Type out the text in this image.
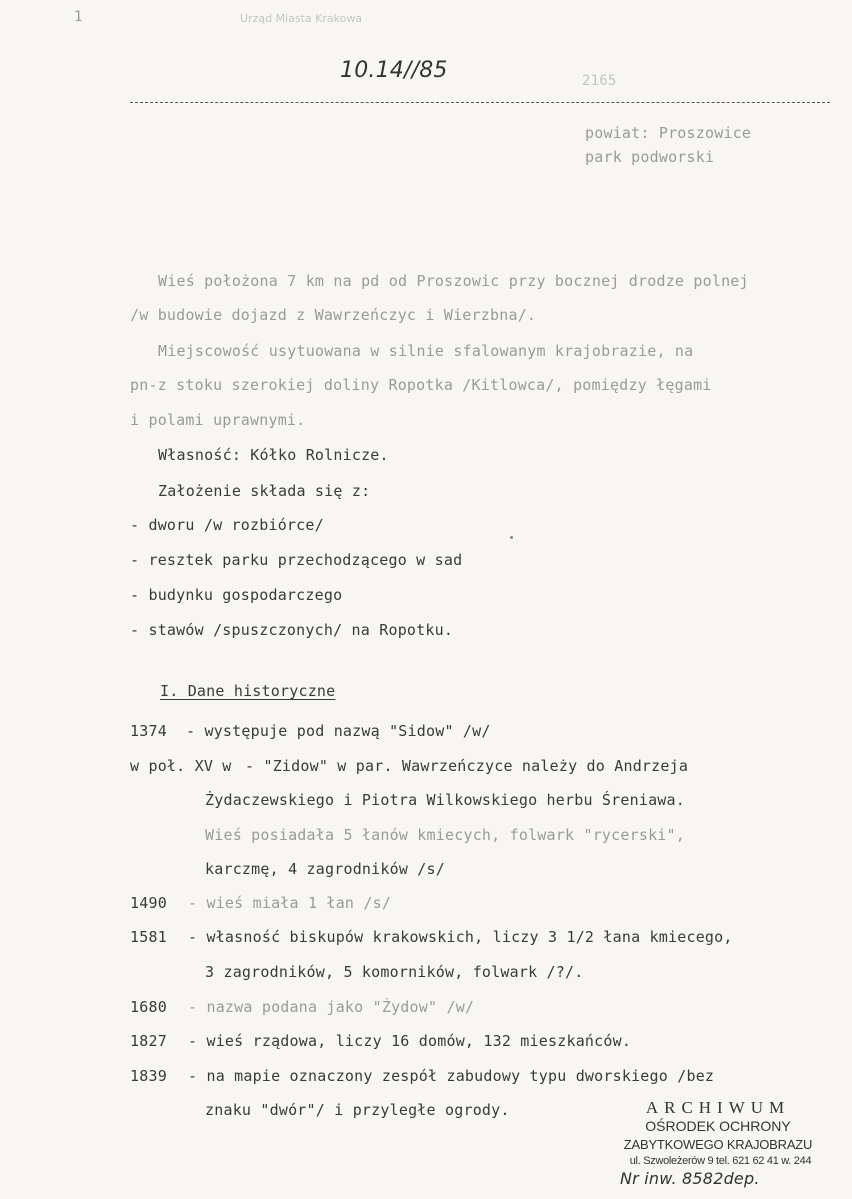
1	Urząd Miasta Krakowa
10.14//85	2165
powiat: Proszowice
park podworski
Wieś położona 7 km na pd od Proszowic przy bocznej drodze polnej
/w budowie dojazd z Wawrzeńczyc i Wierzbna/.
Miejscowość usytuowana w silnie sfalowanym krajobrazie, na
pn-z stoku szerokiej doliny Ropotka /Kitlowca/, pomiędzy łęgami
i polami uprawnymi.
Własność: Kółko Rolnicze.
Założenie składa się z:
- dworu /w rozbiórce/
- resztek parku przechodzącego w sad
- budynku gospodarczego
- stawów /spuszczonych/ na Ropotku.
I. Dane historyczne
1374 - występuje pod nazwą "Sidow" /w/
w poł. XV w - "Zidow" w par. Wawrzeńczyce należy do Andrzeja
Żydaczewskiego i Piotra Wilkowskiego herbu Śreniawa.
Wieś posiadała 5 łanów kmiecych, folwark "rycerski",
karczmę, 4 zagrodników /s/
1490 - wieś miała 1 łan /s/
1581 - własność biskupów krakowskich, liczy 3 1/2 łana kmiecego,
3 zagrodników, 5 komorników, folwark /?/.
1680 - nazwa podana jako "Żydow" /w/
1827 - wieś rządowa, liczy 16 domów, 132 mieszkańców.
1839 - na mapie oznaczony zespół zabudowy typu dworskiego /bez
znaku "dwór"/ i przyległe ogrody.	ARCHIWUM
OŚRODEK OCHRONY
ZABYTKOWEGO KRAJOBRAZU
ul. Szwoleżerów 9 tel. 621 62 41 w. 244
Nr inw. 8582dep.
